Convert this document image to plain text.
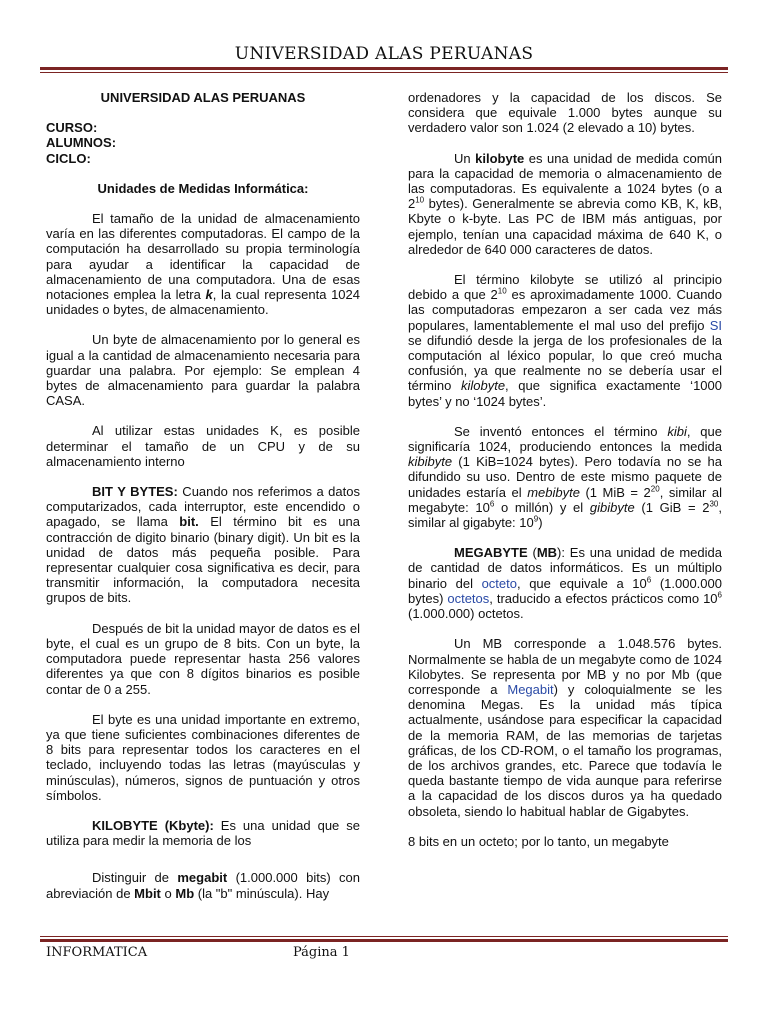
UNIVERSIDAD ALAS PERUANAS

UNIVERSIDAD ALAS PERUANAS

CURSO:
ALUMNOS:
CICLO:

Unidades de Medidas Informática:

El tamaño de la unidad de almacenamiento varía en las diferentes computadoras. El campo de la computación ha desarrollado su propia terminología para ayudar a identificar la capacidad de almacenamiento de una computadora. Una de esas notaciones emplea la letra k, la cual representa 1024 unidades o bytes, de almacenamiento.

Un byte de almacenamiento por lo general es igual a la cantidad de almacenamiento necesaria para guardar una palabra. Por ejemplo: Se emplean 4 bytes de almacenamiento para guardar la palabra CASA.

Al utilizar estas unidades K, es posible determinar el tamaño de un CPU y de su almacenamiento interno

BIT Y BYTES: Cuando nos referimos a datos computarizados, cada interruptor, este encendido o apagado, se llama bit. El término bit es una contracción de digito binario (binary digit). Un bit es la unidad de datos más pequeña posible. Para representar cualquier cosa significativa es decir, para transmitir información, la computadora necesita grupos de bits.

Después de bit la unidad mayor de datos es el byte, el cual es un grupo de 8 bits. Con un byte, la computadora puede representar hasta 256 valores diferentes ya que con 8 dígitos binarios es posible contar de 0 a 255.

El byte es una unidad importante en extremo, ya que tiene suficientes combinaciones diferentes de 8 bits para representar todos los caracteres en el teclado, incluyendo todas las letras (mayúsculas y minúsculas), números, signos de puntuación y otros símbolos.

KILOBYTE (Kbyte): Es una unidad que se utiliza para medir la memoria de los

Distinguir de megabit (1.000.000 bits) con abreviación de Mbit o Mb (la "b" minúscula). Hay

ordenadores y la capacidad de los discos. Se considera que equivale 1.000 bytes aunque su verdadero valor son 1.024 (2 elevado a 10) bytes.

Un kilobyte es una unidad de medida común para la capacidad de memoria o almacenamiento de las computadoras. Es equivalente a 1024 bytes (o a $2^{10}$ bytes). Generalmente se abrevia como KB, K, kB, Kbyte o k-byte. Las PC de IBM más antiguas, por ejemplo, tenían una capacidad máxima de 640 K, o alrededor de 640 000 caracteres de datos.

El término kilobyte se utilizó al principio debido a que $2^{10}$ es aproximadamente 1000. Cuando las computadoras empezaron a ser cada vez más populares, lamentablemente el mal uso del prefijo SI se difundió desde la jerga de los profesionales de la computación al léxico popular, lo que creó mucha confusión, ya que realmente no se debería usar el término kilobyte, que significa exactamente ‘1000 bytes’ y no ‘1024 bytes’.

Se inventó entonces el término kibi, que significaría 1024, produciendo entonces la medida kibibyte (1 KiB=1024 bytes). Pero todavía no se ha difundido su uso. Dentro de este mismo paquete de unidades estaría el mebibyte (1 MiB = $2^{20}$, similar al megabyte: $10^6$ o millón) y el gibibyte (1 GiB = $2^{30}$, similar al gigabyte: $10^9$)

MEGABYTE (MB): Es una unidad de medida de cantidad de datos informáticos. Es un múltiplo binario del octeto, que equivale a $10^6$ (1.000.000 bytes) octetos, traducido a efectos prácticos como $10^6$ (1.000.000) octetos.

Un MB corresponde a 1.048.576 bytes. Normalmente se habla de un megabyte como de 1024 Kilobytes. Se representa por MB y no por Mb (que corresponde a Megabit) y coloquialmente se les denomina Megas. Es la unidad más típica actualmente, usándose para especificar la capacidad de la memoria RAM, de las memorias de tarjetas gráficas, de los CD-ROM, o el tamaño los programas, de los archivos grandes, etc. Parece que todavía le queda bastante tiempo de vida aunque para referirse a la capacidad de los discos duros ya ha quedado obsoleta, siendo lo habitual hablar de Gigabytes.

8 bits en un octeto; por lo tanto, un megabyte

INFORMATICA	Página 1
